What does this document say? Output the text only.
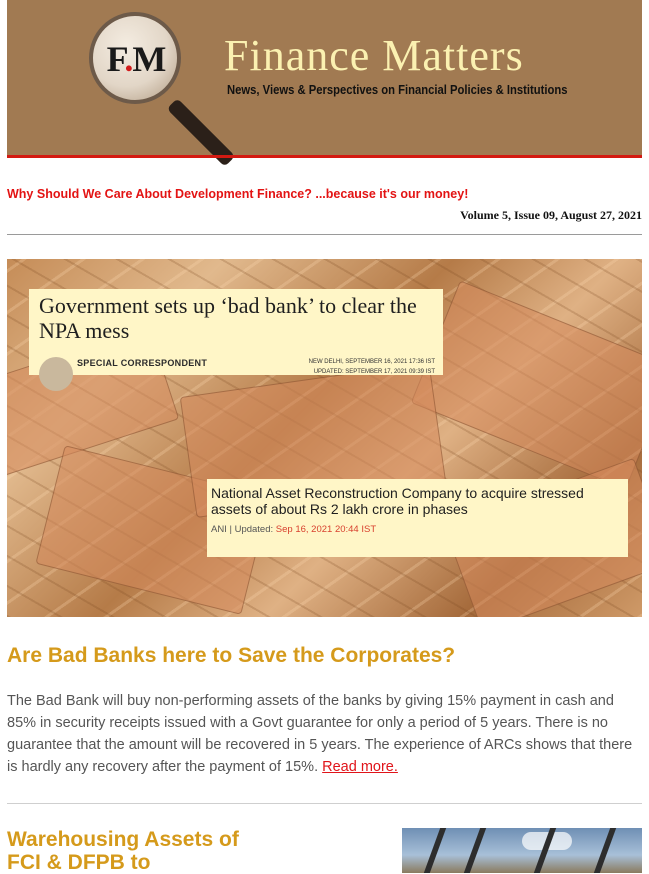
F.M Finance Matters
News, Views & Perspectives on Financial Policies & Institutions
Why Should We Care About Development Finance? ...because it's our money!
Volume 5, Issue 09, August 27, 2021
Government sets up ‘bad bank’ to clear the NPA mess
SPECIAL CORRESPONDENT	NEW DELHI, SEPTEMBER 16, 2021 17:36 IST
UPDATED: SEPTEMBER 17, 2021 09:39 IST
National Asset Reconstruction Company to acquire stressed assets of about Rs 2 lakh crore in phases
ANI | Updated: Sep 16, 2021 20:44 IST
Are Bad Banks here to Save the Corporates?
The Bad Bank will buy non-performing assets of the banks by giving 15% payment in cash and 85% in security receipts issued with a Govt guarantee for only a period of 5 years. There is no guarantee that the amount will be recovered in 5 years. The experience of ARCs shows that there is hardly any recovery after the payment of 15%. Read more.
Warehousing Assets of FCI & DFPB to
